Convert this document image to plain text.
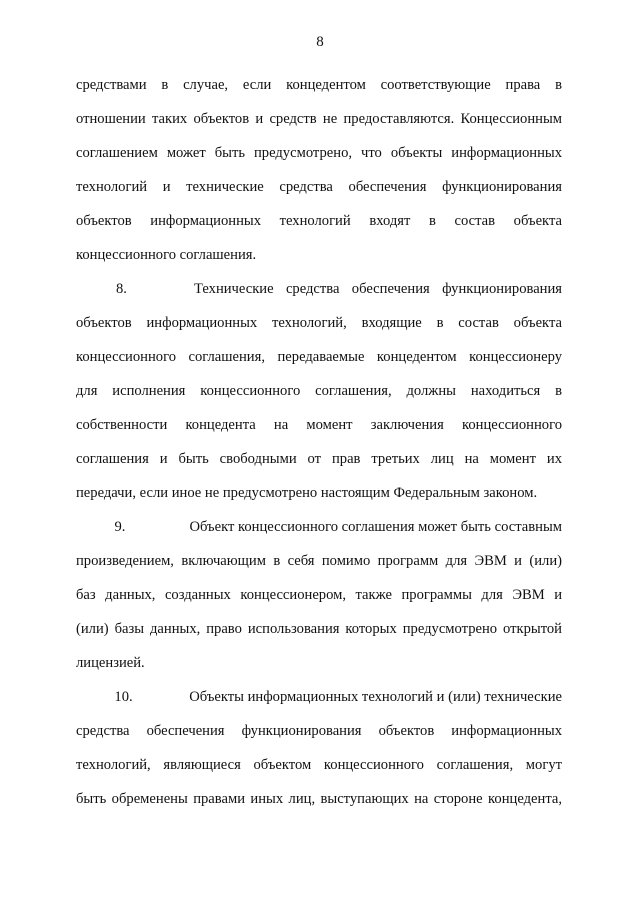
8
средствами в случае, если концедентом соответствующие права в
отношении таких объектов и средств не предоставляются. Концессионным
соглашением может быть предусмотрено, что объекты информационных
технологий и технические средства обеспечения функционирования
объектов информационных технологий входят в состав объекта
концессионного соглашения.
8.	Технические средства обеспечения функционирования
объектов информационных технологий, входящие в состав объекта
концессионного соглашения, передаваемые концедентом концессионеру
для исполнения концессионного соглашения, должны находиться в
собственности концедента на момент заключения концессионного
соглашения и быть свободными от прав третьих лиц на момент их
передачи, если иное не предусмотрено настоящим Федеральным законом.
9.	Объект концессионного соглашения может быть составным
произведением, включающим в себя помимо программ для ЭВМ и (или)
баз данных, созданных концессионером, также программы для ЭВМ и
(или) базы данных, право использования которых предусмотрено открытой
лицензией.
10.	Объекты информационных технологий и (или) технические
средства обеспечения функционирования объектов информационных
технологий, являющиеся объектом концессионного соглашения, могут
быть обременены правами иных лиц, выступающих на стороне концедента,
